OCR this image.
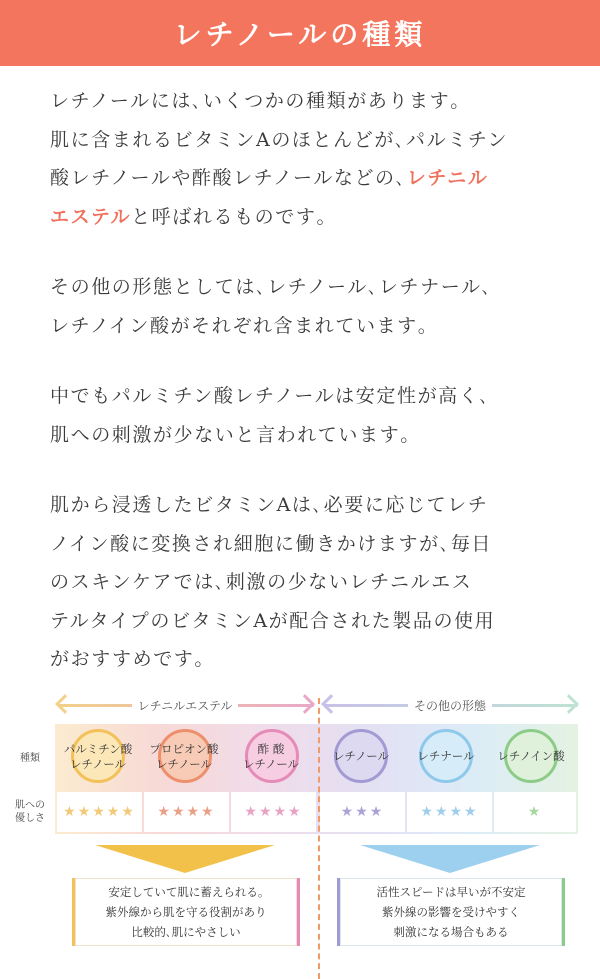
レチノールの種類

レチノールには､いくつかの種類があります｡
肌に含まれるビタミンAのほとんどが､パルミチン
酸レチノールや酢酸レチノールなどの､レチニル
エステルと呼ばれるものです｡

その他の形態としては､レチノール､レチナール､
レチノイン酸がそれぞれ含まれています｡

中でもパルミチン酸レチノールは安定性が高く､
肌への刺激が少ないと言われています｡

肌から浸透したビタミンAは､必要に応じてレチ
ノイン酸に変換され細胞に働きかけますが､毎日
のスキンケアでは､刺激の少ないレチニルエス
テルタイプのビタミンAが配合された製品の使用
がおすすめです｡

レチニルエステル	その他の形態
種類
肌への
優しさ
パルミチン酸
レチノール
★★★★★
プロピオン酸
レチノール
★★★★
酢 酸
レチノール
★★★★
レチノール
★★★
レチナール
★★★★
レチノイン酸
★
安定していて肌に蓄えられる｡
紫外線から肌を守る役割があり
比較的､肌にやさしい
活性スピードは早いが不安定
紫外線の影響を受けやすく
刺激になる場合もある
